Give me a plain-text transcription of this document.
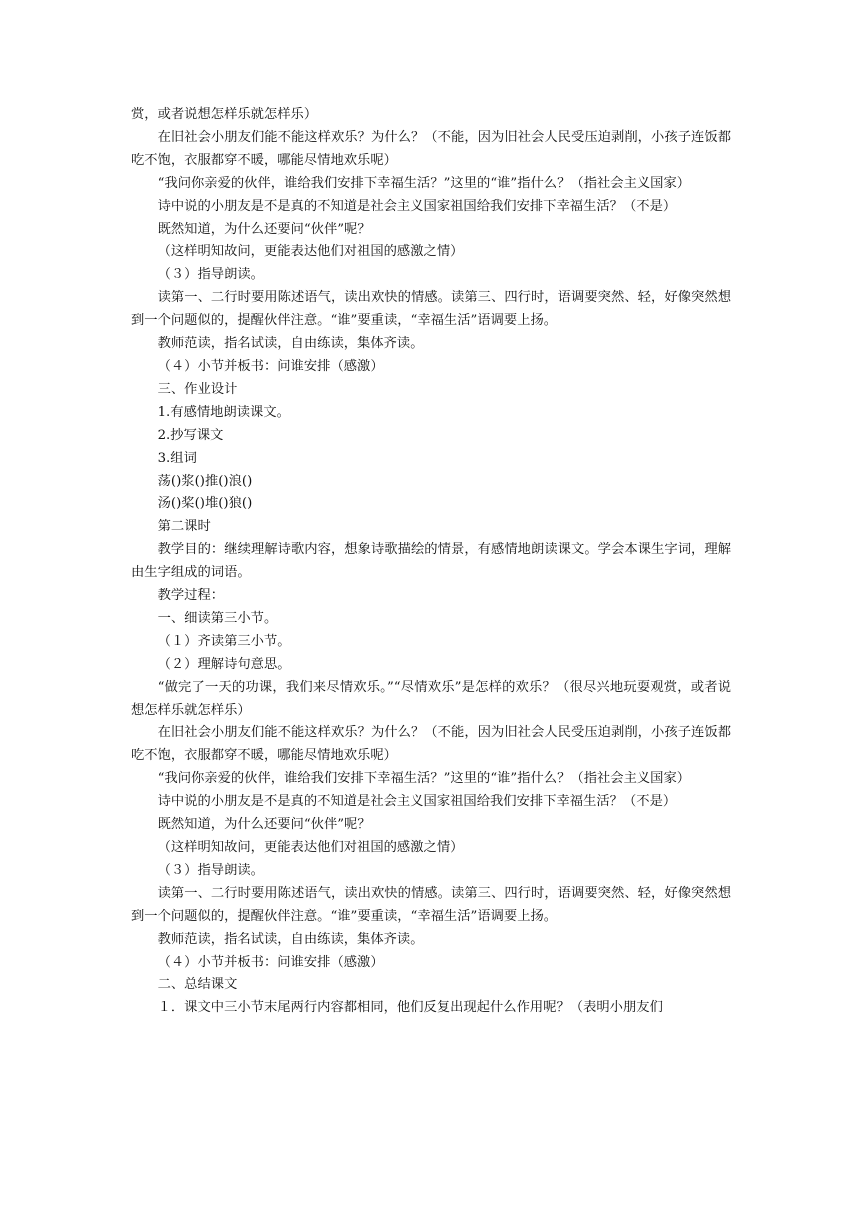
赏，或者说想怎样乐就怎样乐）

在旧社会小朋友们能不能这样欢乐？为什么？（不能，因为旧社会人民受压迫剥削，小孩子连饭都吃不饱，衣服都穿不暖，哪能尽情地欢乐呢）

“我问你亲爱的伙伴，谁给我们安排下幸福生活？”这里的“谁”指什么？（指社会主义国家）

诗中说的小朋友是不是真的不知道是社会主义国家祖国给我们安排下幸福生活？（不是）

既然知道，为什么还要问“伙伴”呢？

（这样明知故问，更能表达他们对祖国的感激之情）

（３）指导朗读。

读第一、二行时要用陈述语气，读出欢快的情感。读第三、四行时，语调要突然、轻，好像突然想到一个问题似的，提醒伙伴注意。“谁”要重读，“幸福生活”语调要上扬。

教师范读，指名试读，自由练读，集体齐读。

（４）小节并板书：问谁安排（感激）

三、作业设计

1.有感情地朗读课文。

2.抄写课文

3.组词

荡()浆()推()浪()

汤()桨()堆()狼()

第二课时

教学目的：继续理解诗歌内容，想象诗歌描绘的情景，有感情地朗读课文。学会本课生字词，理解由生字组成的词语。

教学过程：

一、细读第三小节。

（１）齐读第三小节。

（２）理解诗句意思。

“做完了一天的功课，我们来尽情欢乐。”“尽情欢乐”是怎样的欢乐？（很尽兴地玩耍观赏，或者说想怎样乐就怎样乐）

在旧社会小朋友们能不能这样欢乐？为什么？（不能，因为旧社会人民受压迫剥削，小孩子连饭都吃不饱，衣服都穿不暖，哪能尽情地欢乐呢）

“我问你亲爱的伙伴，谁给我们安排下幸福生活？”这里的“谁”指什么？（指社会主义国家）

诗中说的小朋友是不是真的不知道是社会主义国家祖国给我们安排下幸福生活？（不是）

既然知道，为什么还要问“伙伴”呢？

（这样明知故问，更能表达他们对祖国的感激之情）

（３）指导朗读。

读第一、二行时要用陈述语气，读出欢快的情感。读第三、四行时，语调要突然、轻，好像突然想到一个问题似的，提醒伙伴注意。“谁”要重读，“幸福生活”语调要上扬。

教师范读，指名试读，自由练读，集体齐读。

（４）小节并板书：问谁安排（感激）

二、总结课文

１．课文中三小节末尾两行内容都相同，他们反复出现起什么作用呢？（表明小朋友们
